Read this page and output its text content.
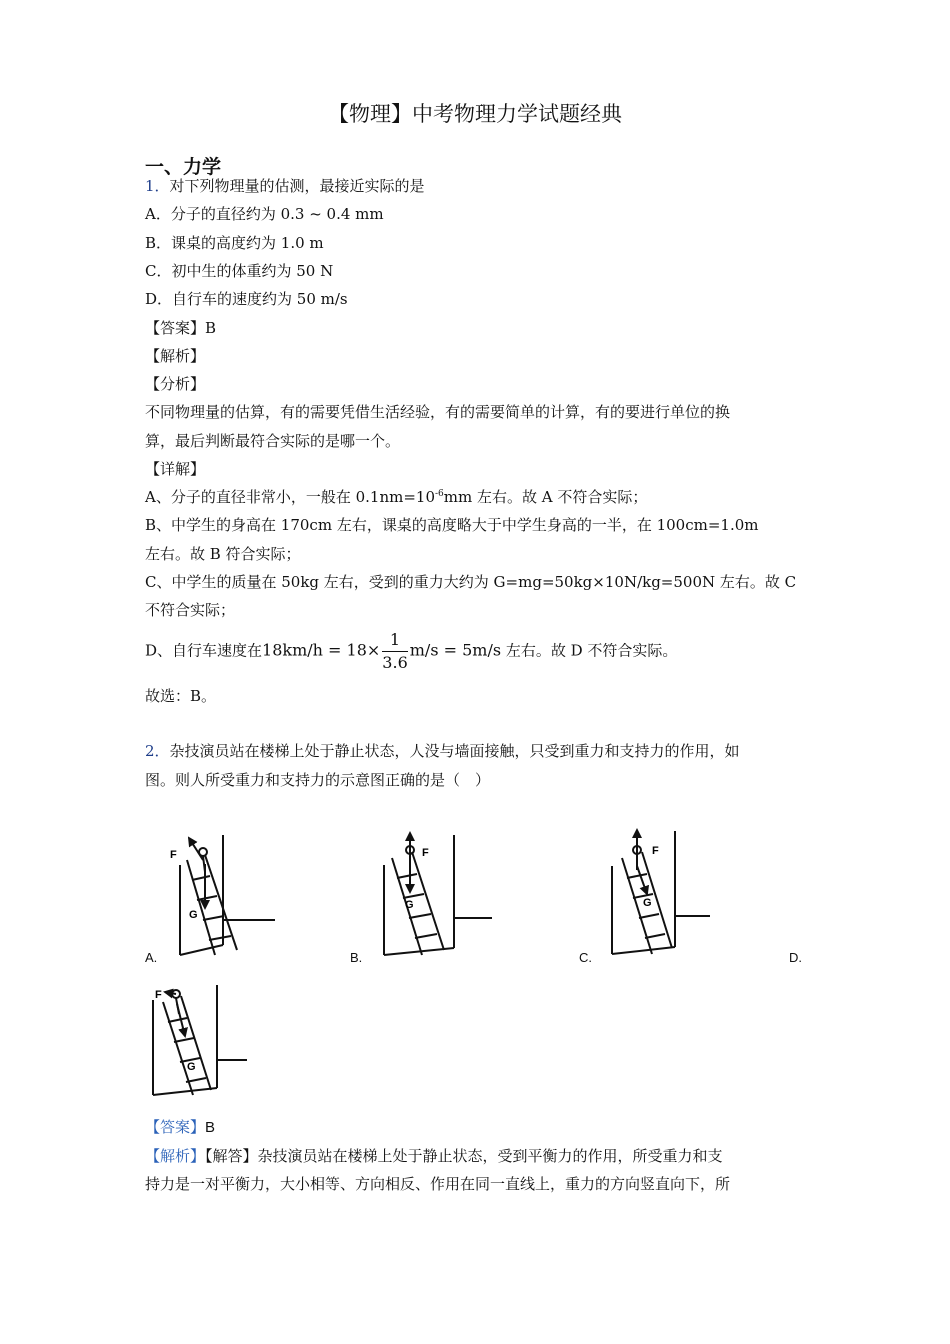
【物理】中考物理力学试题经典
一、力学
1．对下列物理量的估测，最接近实际的是
A．分子的直径约为 0.3 ~ 0.4 mm
B．课桌的高度约为 1.0 m
C．初中生的体重约为 50 N
D．自行车的速度约为 50 m/s
【答案】B
【解析】
【分析】
不同物理量的估算，有的需要凭借生活经验，有的需要简单的计算，有的要进行单位的换
算，最后判断最符合实际的是哪一个。
【详解】
A、分子的直径非常小，一般在 $0.1nm=10^{-6}mm$ 左右。故 A 不符合实际；
B、中学生的身高在 170cm 左右，课桌的高度略大于中学生身高的一半，在 100cm=1.0m
左右。故 B 符合实际；
C、中学生的质量在 50kg 左右，受到的重力大约为 G=mg=50kg×10N/kg=500N 左右。故 C
不符合实际；
D、自行车速度在$18km/h = 18\times \frac{1}{3.6} m/s = 5m/s$ 左右。故 D 不符合实际。
故选：B。
2．杂技演员站在楼梯上处于静止状态，人没与墙面接触，只受到重力和支持力的作用，如
图。则人所受重力和支持力的示意图正确的是（　）
F
G
A.
F
G
B.
F
G
C.	D.
F
G
【答案】B
【解析】【解答】杂技演员站在楼梯上处于静止状态，受到平衡力的作用，所受重力和支
持力是一对平衡力，大小相等、方向相反、作用在同一直线上，重力的方向竖直向下，所
